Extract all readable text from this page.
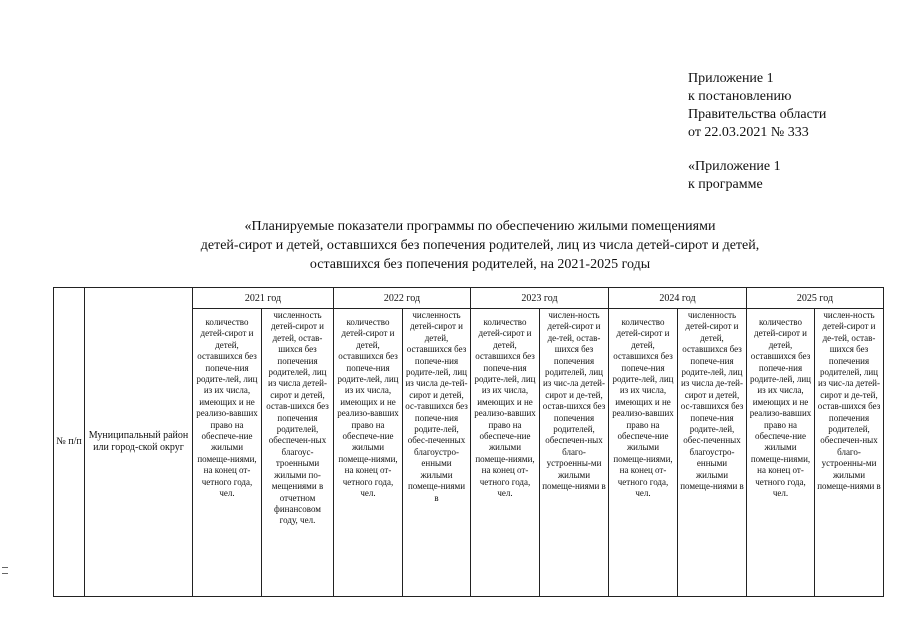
Приложение 1
к постановлению
Правительства области
от 22.03.2021 № 333
«Приложение 1
к программе
«Планируемые показатели программы по обеспечению жилыми помещениями
детей-сирот и детей, оставшихся без попечения родителей, лиц из числа детей-сирот и детей,
оставшихся без попечения родителей, на 2021-2025 годы
№ п/п	Муниципальный район или город-ской округ	2021 год		2022 год		2023 год		2024 год		2025 год	

		количество детей-сирот и детей, оставшихся без попече-ния родите-лей, лиц из их числа, имеющих и не реализо-вавших право на обеспече-ние жилыми помеще-ниями, на конец от-четного года, чел.	численность детей-сирот и детей, остав-шихся без попечения родителей, лиц из числа детей-сирот и детей, остав-шихся без попечения родителей, обеспечен-ных благоус-троенными жилыми по-мещениями в отчетном финансовом году, чел.	количество детей-сирот и детей, оставшихся без попече-ния родите-лей, лиц из их числа, имеющих и не реализо-вавших право на обеспече-ние жилыми помеще-ниями, на конец от-четного года, чел.	численность детей-сирот и детей, оставшихся без попече-ния родите-лей, лиц из числа де-тей-сирот и детей, ос-тавшихся без попече-ния родите-лей, обес-печенных благоустро-енными жилыми помеще-ниями в	количество детей-сирот и детей, оставшихся без попече-ния родите-лей, лиц из их числа, имеющих и не реализо-вавших право на обеспече-ние жилыми помеще-ниями, на конец от-четного года, чел.	числен-ность детей-сирот и де-тей, остав-шихся без попечения родителей, лиц из чис-ла детей-сирот и де-тей, остав-шихся без попечения родителей, обеспечен-ных благо-устроенны-ми жилыми помеще-ниями в	количество детей-сирот и детей, оставшихся без попече-ния родите-лей, лиц из их числа, имеющих и не реализо-вавших право на обеспече-ние жилыми помеще-ниями, на конец от-четного года, чел.	численность детей-сирот и детей, оставшихся без попече-ния родите-лей, лиц из числа де-тей-сирот и детей, ос-тавшихся без попече-ния родите-лей, обес-печенных благоустро-енными жилыми помеще-ниями в	количество детей-сирот и детей, оставшихся без попече-ния родите-лей, лиц из их числа, имеющих и не реализо-вавших право на обеспече-ние жилыми помеще-ниями, на конец от-четного года, чел.	числен-ность детей-сирот и де-тей, остав-шихся без попечения родителей, лиц из чис-ла детей-сирот и де-тей, остав-шихся без попечения родителей, обеспечен-ных благо-устроенны-ми жилыми помеще-ниями в
